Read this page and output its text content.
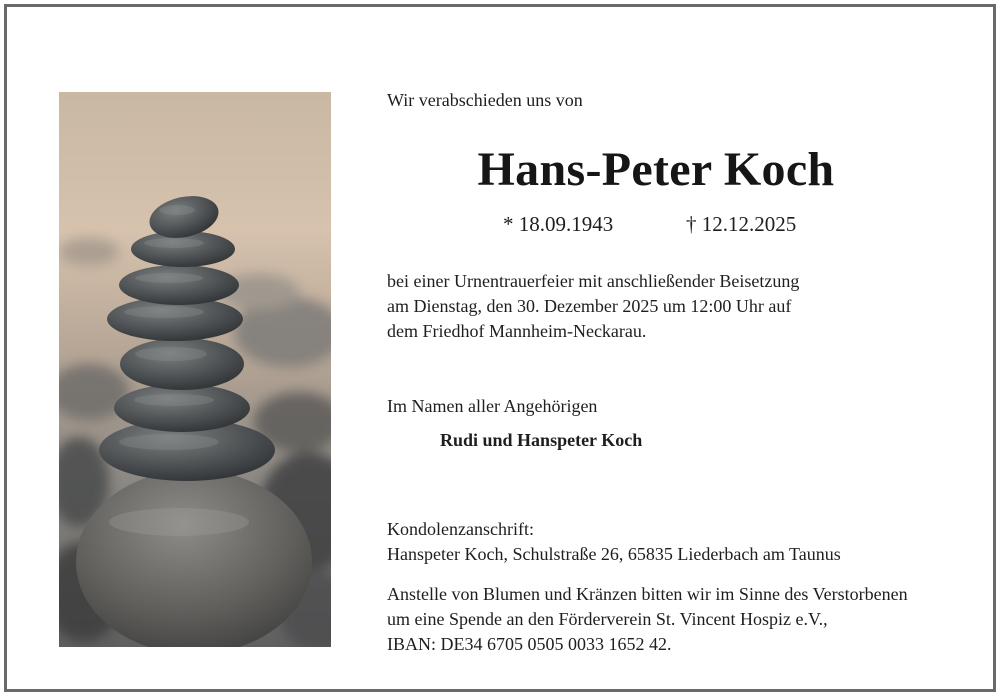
Wir verabschieden uns von
Hans-Peter Koch
* 18.09.1943	† 12.12.2025
bei einer Urnentrauerfeier mit anschließender Beisetzung
am Dienstag, den 30. Dezember 2025 um 12:00 Uhr auf
dem Friedhof Mannheim-Neckarau.
Im Namen aller Angehörigen
Rudi und Hanspeter Koch
Kondolenzanschrift:
Hanspeter Koch, Schulstraße 26, 65835 Liederbach am Taunus
Anstelle von Blumen und Kränzen bitten wir im Sinne des Verstorbenen
um eine Spende an den Förderverein St. Vincent Hospiz e.V.,
IBAN: DE34 6705 0505 0033 1652 42.
